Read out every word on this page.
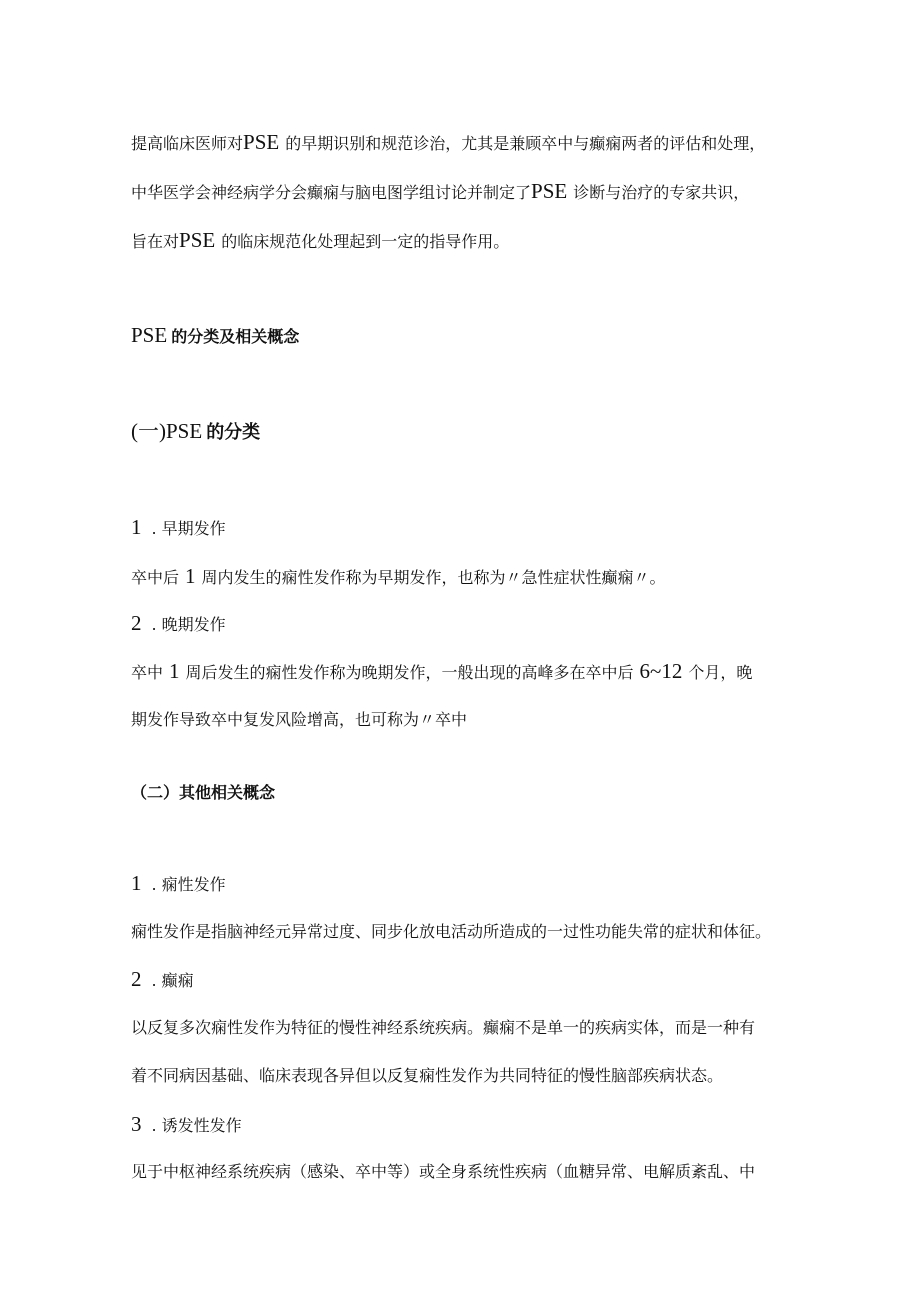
提高临床医师对PSE 的早期识别和规范诊治，尤其是兼顾卒中与癫痫两者的评估和处理，

中华医学会神经病学分会癫痫与脑电图学组讨论并制定了PSE 诊断与治疗的专家共识，

旨在对PSE 的临床规范化处理起到一定的指导作用。

PSE 的分类及相关概念

(一)PSE 的分类

1 . 早期发作

卒中后 1 周内发生的痫性发作称为早期发作，也称为〃急性症状性癫痫〃。

2 . 晚期发作

卒中 1 周后发生的痫性发作称为晚期发作，一般出现的高峰多在卒中后 6~12 个月，晚

期发作导致卒中复发风险增高，也可称为〃卒中

（二）其他相关概念

1 . 痫性发作

痫性发作是指脑神经元异常过度、同步化放电活动所造成的一过性功能失常的症状和体征。

2 . 癫痫

以反复多次痫性发作为特征的慢性神经系统疾病。癫痫不是单一的疾病实体，而是一种有

着不同病因基础、临床表现各异但以反复痫性发作为共同特征的慢性脑部疾病状态。

3 . 诱发性发作

见于中枢神经系统疾病（感染、卒中等）或全身系统性疾病（血糖异常、电解质紊乱、中
